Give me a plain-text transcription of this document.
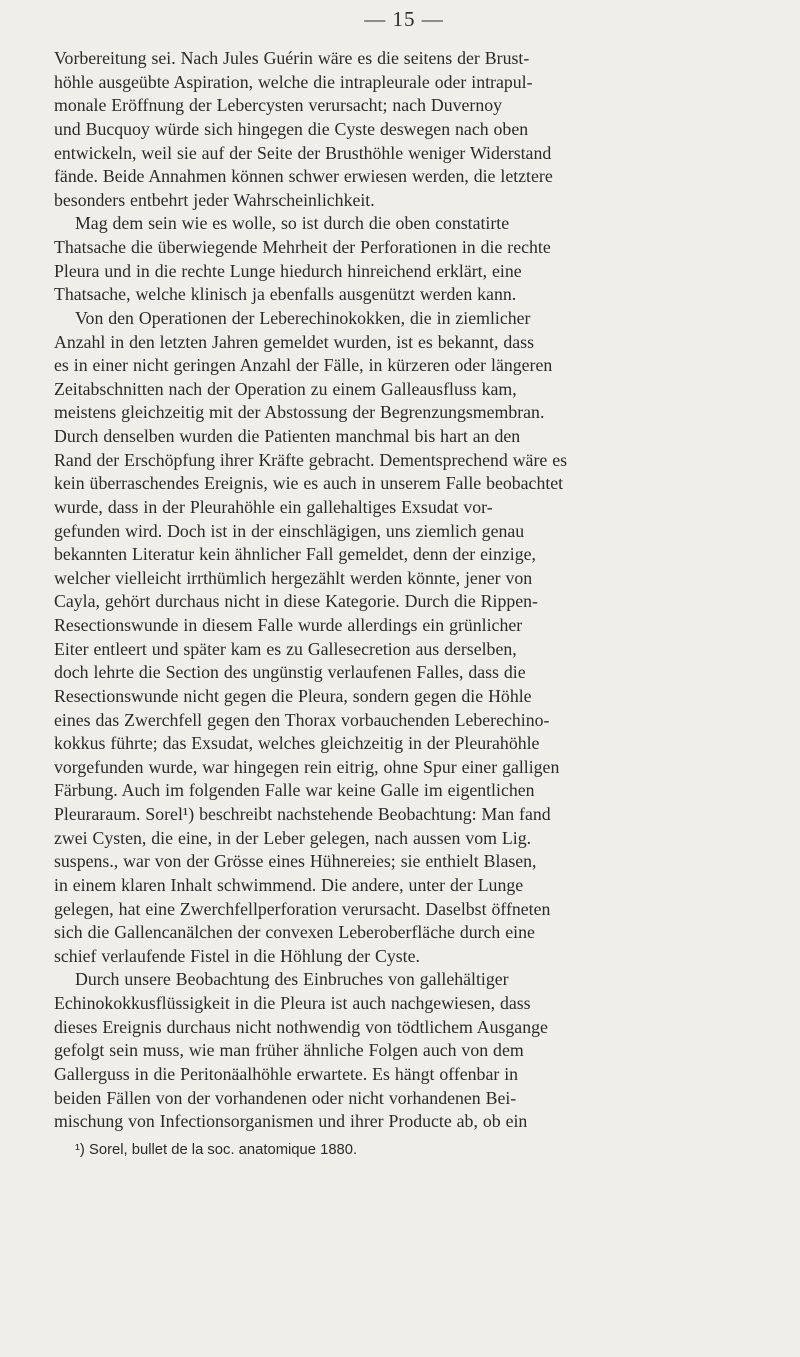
— 15 —
Vorbereitung sei. Nach Jules Guérin wäre es die seitens der Brust-
höhle ausgeübte Aspiration, welche die intrapleurale oder intrapul-
monale Eröffnung der Lebercysten verursacht; nach Duvernoy
und Bucquoy würde sich hingegen die Cyste deswegen nach oben
entwickeln, weil sie auf der Seite der Brusthöhle weniger Widerstand
fände. Beide Annahmen können schwer erwiesen werden, die letztere
besonders entbehrt jeder Wahrscheinlichkeit.
Mag dem sein wie es wolle, so ist durch die oben constatirte
Thatsache die überwiegende Mehrheit der Perforationen in die rechte
Pleura und in die rechte Lunge hiedurch hinreichend erklärt, eine
Thatsache, welche klinisch ja ebenfalls ausgenützt werden kann.
Von den Operationen der Leberechinokokken, die in ziemlicher
Anzahl in den letzten Jahren gemeldet wurden, ist es bekannt, dass
es in einer nicht geringen Anzahl der Fälle, in kürzeren oder längeren
Zeitabschnitten nach der Operation zu einem Galleausfluss kam,
meistens gleichzeitig mit der Abstossung der Begrenzungsmembran.
Durch denselben wurden die Patienten manchmal bis hart an den
Rand der Erschöpfung ihrer Kräfte gebracht. Dementsprechend wäre es
kein überraschendes Ereignis, wie es auch in unserem Falle beobachtet
wurde, dass in der Pleurahöhle ein gallehaltiges Exsudat vor-
gefunden wird. Doch ist in der einschlägigen, uns ziemlich genau
bekannten Literatur kein ähnlicher Fall gemeldet, denn der einzige,
welcher vielleicht irrthümlich hergezählt werden könnte, jener von
Cayla, gehört durchaus nicht in diese Kategorie. Durch die Rippen-
Resectionswunde in diesem Falle wurde allerdings ein grünlicher
Eiter entleert und später kam es zu Gallesecretion aus derselben,
doch lehrte die Section des ungünstig verlaufenen Falles, dass die
Resectionswunde nicht gegen die Pleura, sondern gegen die Höhle
eines das Zwerchfell gegen den Thorax vorbauchenden Leberechino-
kokkus führte; das Exsudat, welches gleichzeitig in der Pleurahöhle
vorgefunden wurde, war hingegen rein eitrig, ohne Spur einer galligen
Färbung. Auch im folgenden Falle war keine Galle im eigentlichen
Pleuraraum. Sorel¹) beschreibt nachstehende Beobachtung: Man fand
zwei Cysten, die eine, in der Leber gelegen, nach aussen vom Lig.
suspens., war von der Grösse eines Hühnereies; sie enthielt Blasen,
in einem klaren Inhalt schwimmend. Die andere, unter der Lunge
gelegen, hat eine Zwerchfellperforation verursacht. Daselbst öffneten
sich die Gallencanälchen der convexen Leberoberfläche durch eine
schief verlaufende Fistel in die Höhlung der Cyste.
Durch unsere Beobachtung des Einbruches von gallehältiger
Echinokokkusflüssigkeit in die Pleura ist auch nachgewiesen, dass
dieses Ereignis durchaus nicht nothwendig von tödtlichem Ausgange
gefolgt sein muss, wie man früher ähnliche Folgen auch von dem
Gallerguss in die Peritonäalhöhle erwartete. Es hängt offenbar in
beiden Fällen von der vorhandenen oder nicht vorhandenen Bei-
mischung von Infectionsorganismen und ihrer Producte ab, ob ein
¹) Sorel, bullet de la soc. anatomique 1880.
